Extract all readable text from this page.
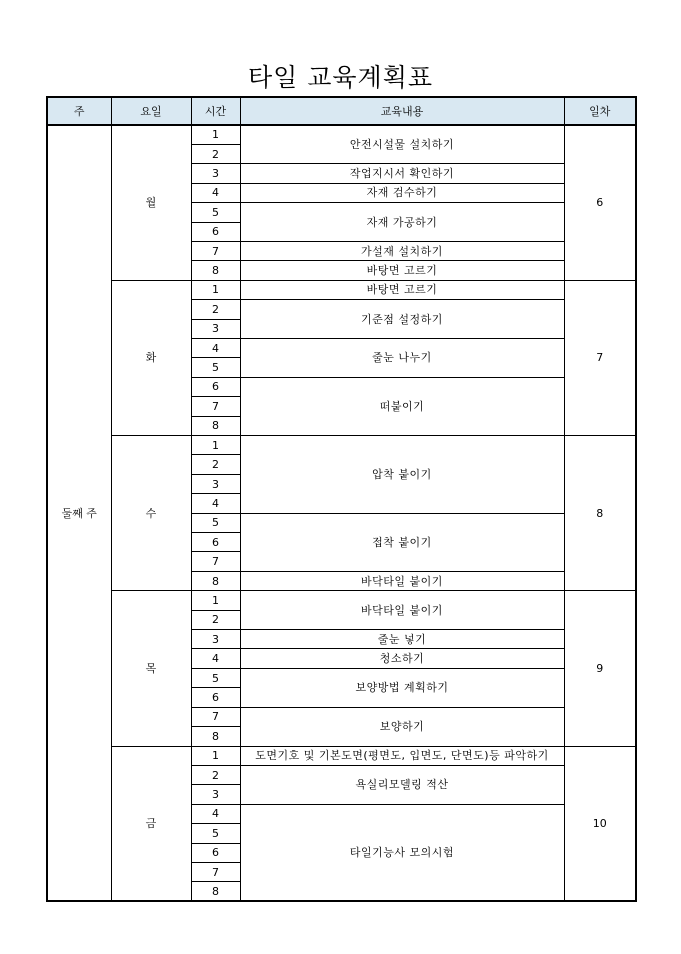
타일 교육계획표
주	요일	시간	교육내용	일차
둘째 주	월	1	안전시설물 설치하기	6
		2		
		3	작업지시서 확인하기	
		4	자재 검수하기	
		5	자재 가공하기	
		6		
		7	가설재 설치하기	
		8	바탕면 고르기	
	화	1	바탕면 고르기	7
		2	기준점 설정하기	
		3		
		4	줄눈 나누기	
		5		
		6	떠붙이기	
		7		
		8		
	수	1	압착 붙이기	8
		2		
		3		
		4		
		5	접착 붙이기	
		6		
		7		
		8	바닥타일 붙이기	
	목	1	바닥타일 붙이기	9
		2		
		3	줄눈 넣기	
		4	청소하기	
		5	보양방법 계획하기	
		6		
		7	보양하기	
		8		
	금	1	도면기호 및 기본도면(평면도, 입면도, 단면도)등 파악하기	10
		2	욕실리모델링 적산	
		3		
		4	타일기능사 모의시험	
		5		
		6		
		7		
		8		
